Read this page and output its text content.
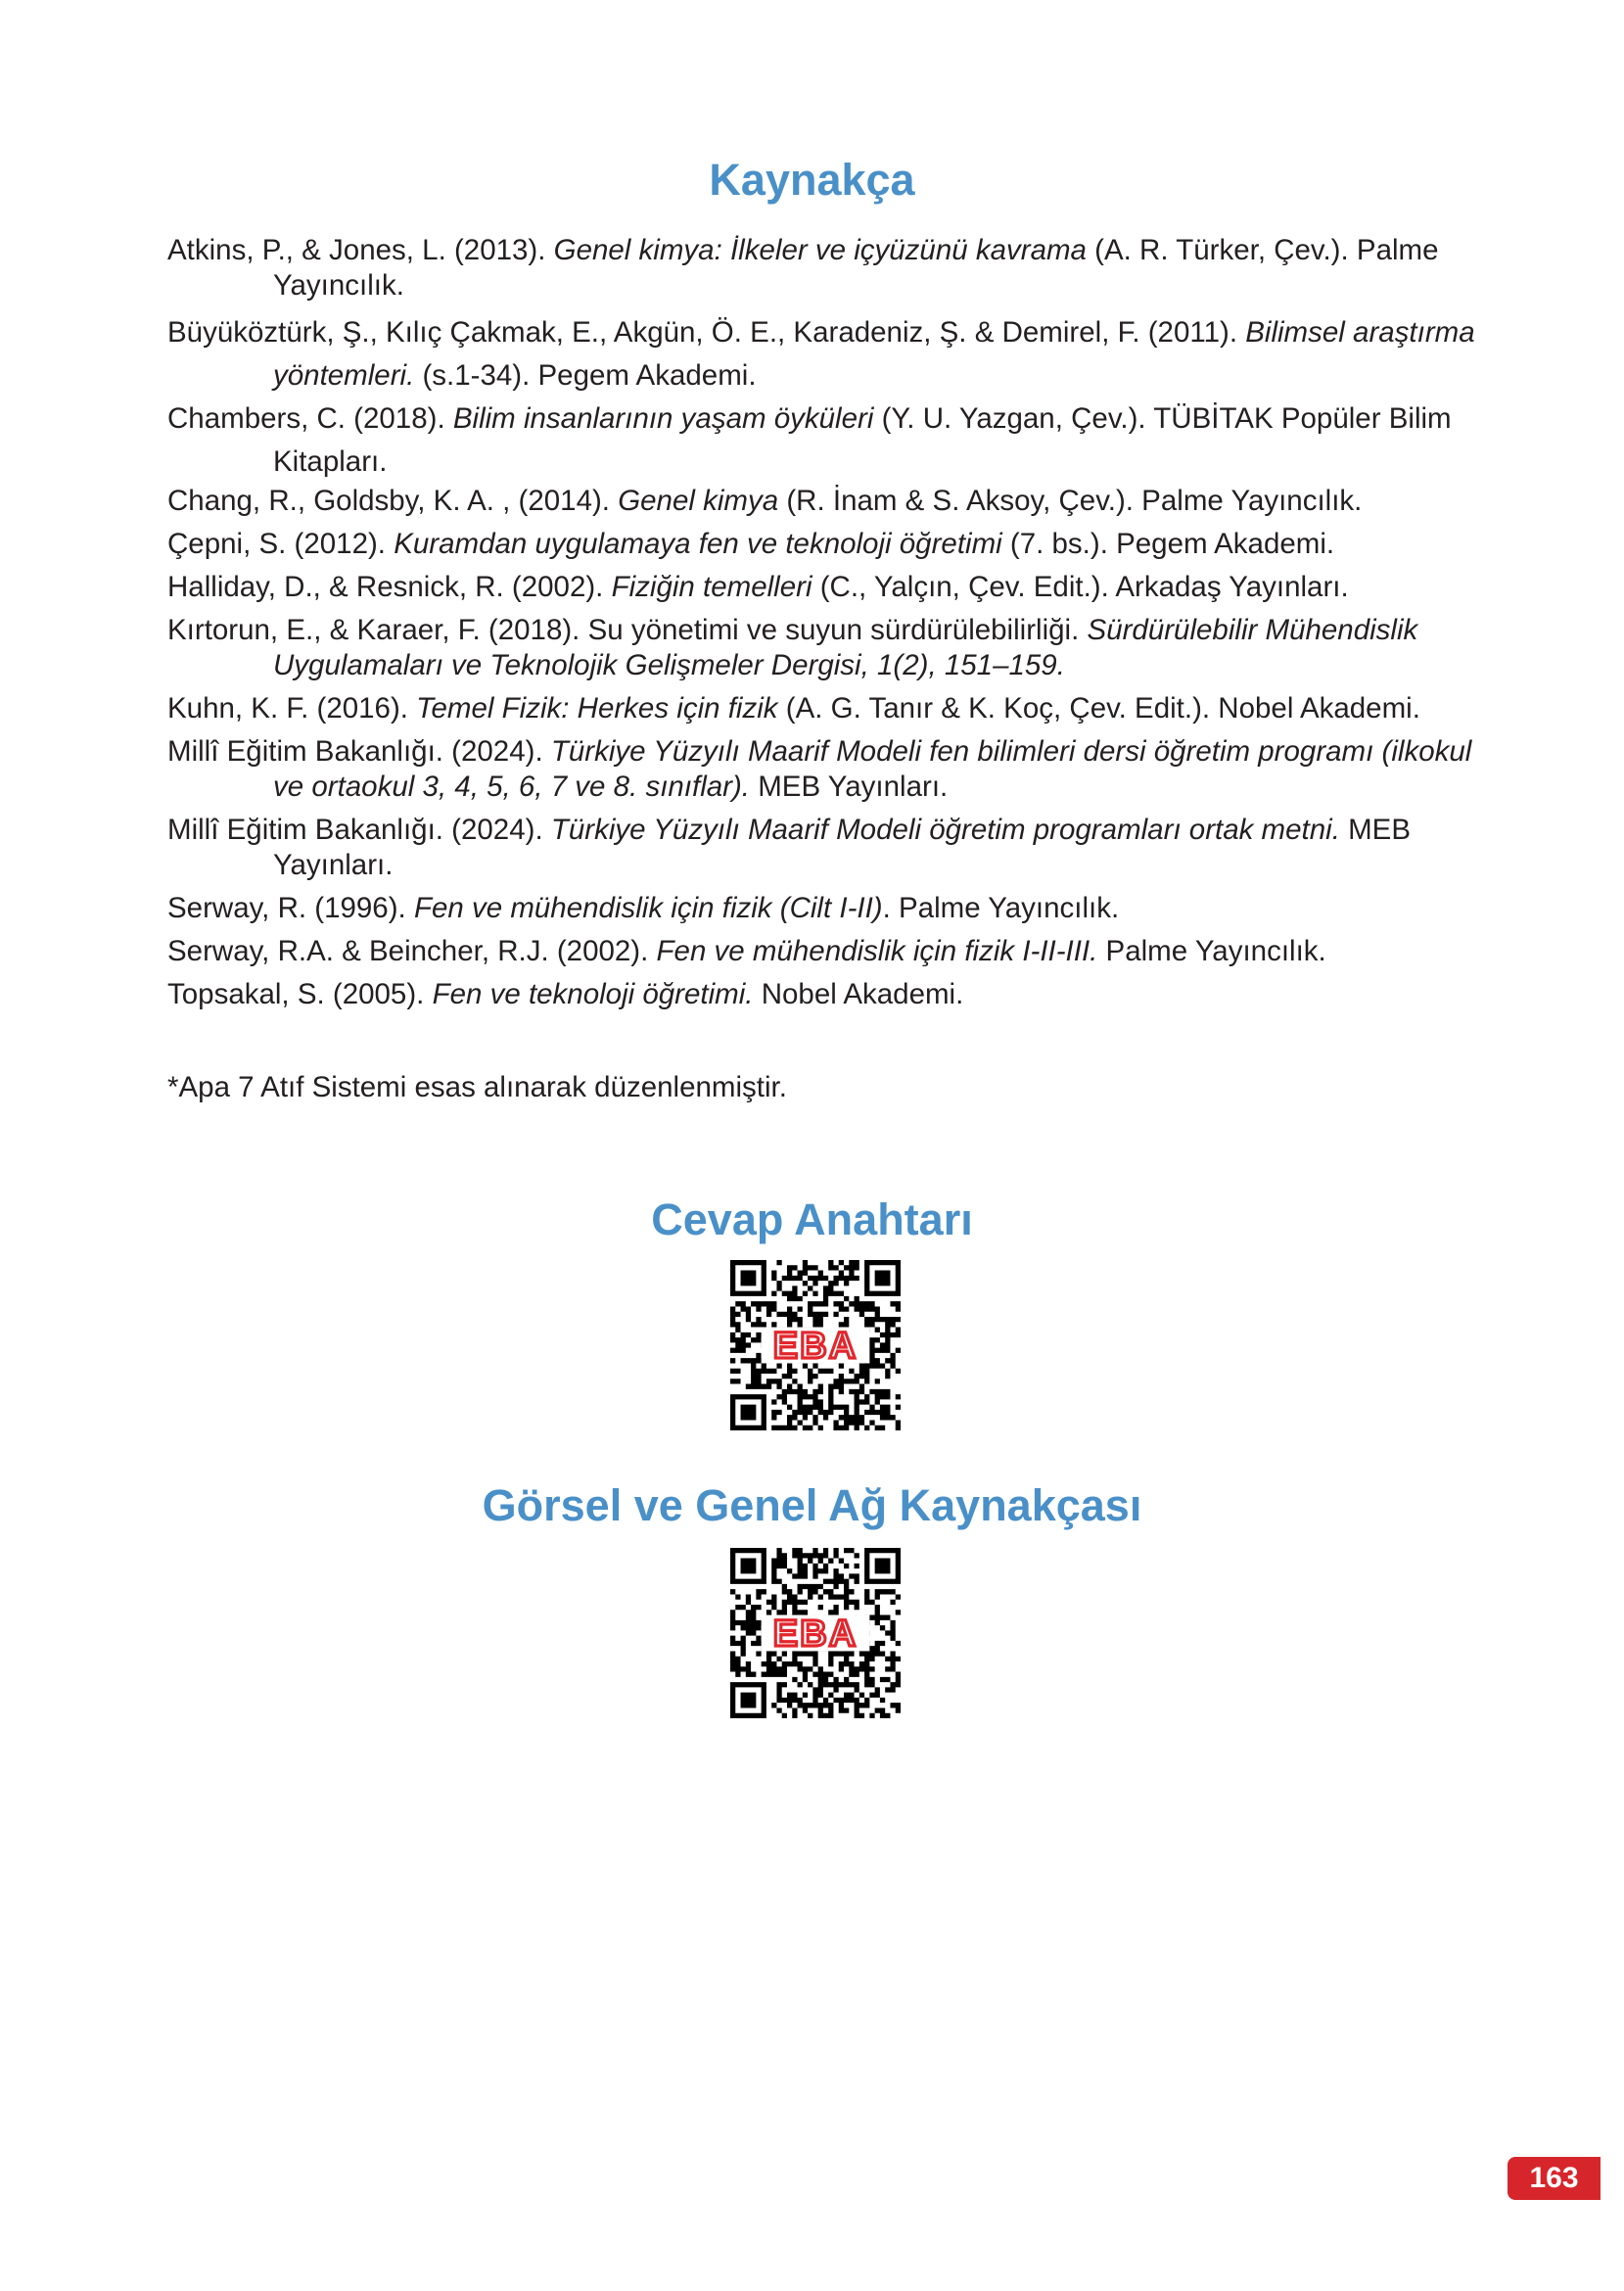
Kaynakça
Atkins, P., & Jones, L. (2013). Genel kimya: İlkeler ve içyüzünü kavrama (A. R. Türker, Çev.). Palme Yayıncılık.
Büyüköztürk, Ş., Kılıç Çakmak, E., Akgün, Ö. E., Karadeniz, Ş. & Demirel, F. (2011). Bilimsel araştırma yöntemleri. (s.1-34). Pegem Akademi.
Chambers, C. (2018). Bilim insanlarının yaşam öyküleri (Y. U. Yazgan, Çev.). TÜBİTAK Popüler Bilim Kitapları.
Chang, R., Goldsby, K. A. , (2014). Genel kimya (R. İnam & S. Aksoy, Çev.). Palme Yayıncılık.
Çepni, S. (2012). Kuramdan uygulamaya fen ve teknoloji öğretimi (7. bs.). Pegem Akademi.
Halliday, D., & Resnick, R. (2002). Fiziğin temelleri (C., Yalçın, Çev. Edit.). Arkadaş Yayınları.
Kırtorun, E., & Karaer, F. (2018). Su yönetimi ve suyun sürdürülebilirliği. Sürdürülebilir Mühendislik Uygulamaları ve Teknolojik Gelişmeler Dergisi, 1(2), 151–159.
Kuhn, K. F. (2016). Temel Fizik: Herkes için fizik (A. G. Tanır & K. Koç, Çev. Edit.). Nobel Akademi.
Millî Eğitim Bakanlığı. (2024). Türkiye Yüzyılı Maarif Modeli fen bilimleri dersi öğretim programı (ilkokul ve ortaokul 3, 4, 5, 6, 7 ve 8. sınıflar). MEB Yayınları.
Millî Eğitim Bakanlığı. (2024). Türkiye Yüzyılı Maarif Modeli öğretim programları ortak metni. MEB Yayınları.
Serway, R. (1996). Fen ve mühendislik için fizik (Cilt I-II). Palme Yayıncılık.
Serway, R.A. & Beincher, R.J. (2002). Fen ve mühendislik için fizik I-II-III. Palme Yayıncılık.
Topsakal, S. (2005). Fen ve teknoloji öğretimi. Nobel Akademi.
*Apa 7 Atıf Sistemi esas alınarak düzenlenmiştir.
Cevap Anahtarı
EBA
Görsel ve Genel Ağ Kaynakçası
EBA
163
